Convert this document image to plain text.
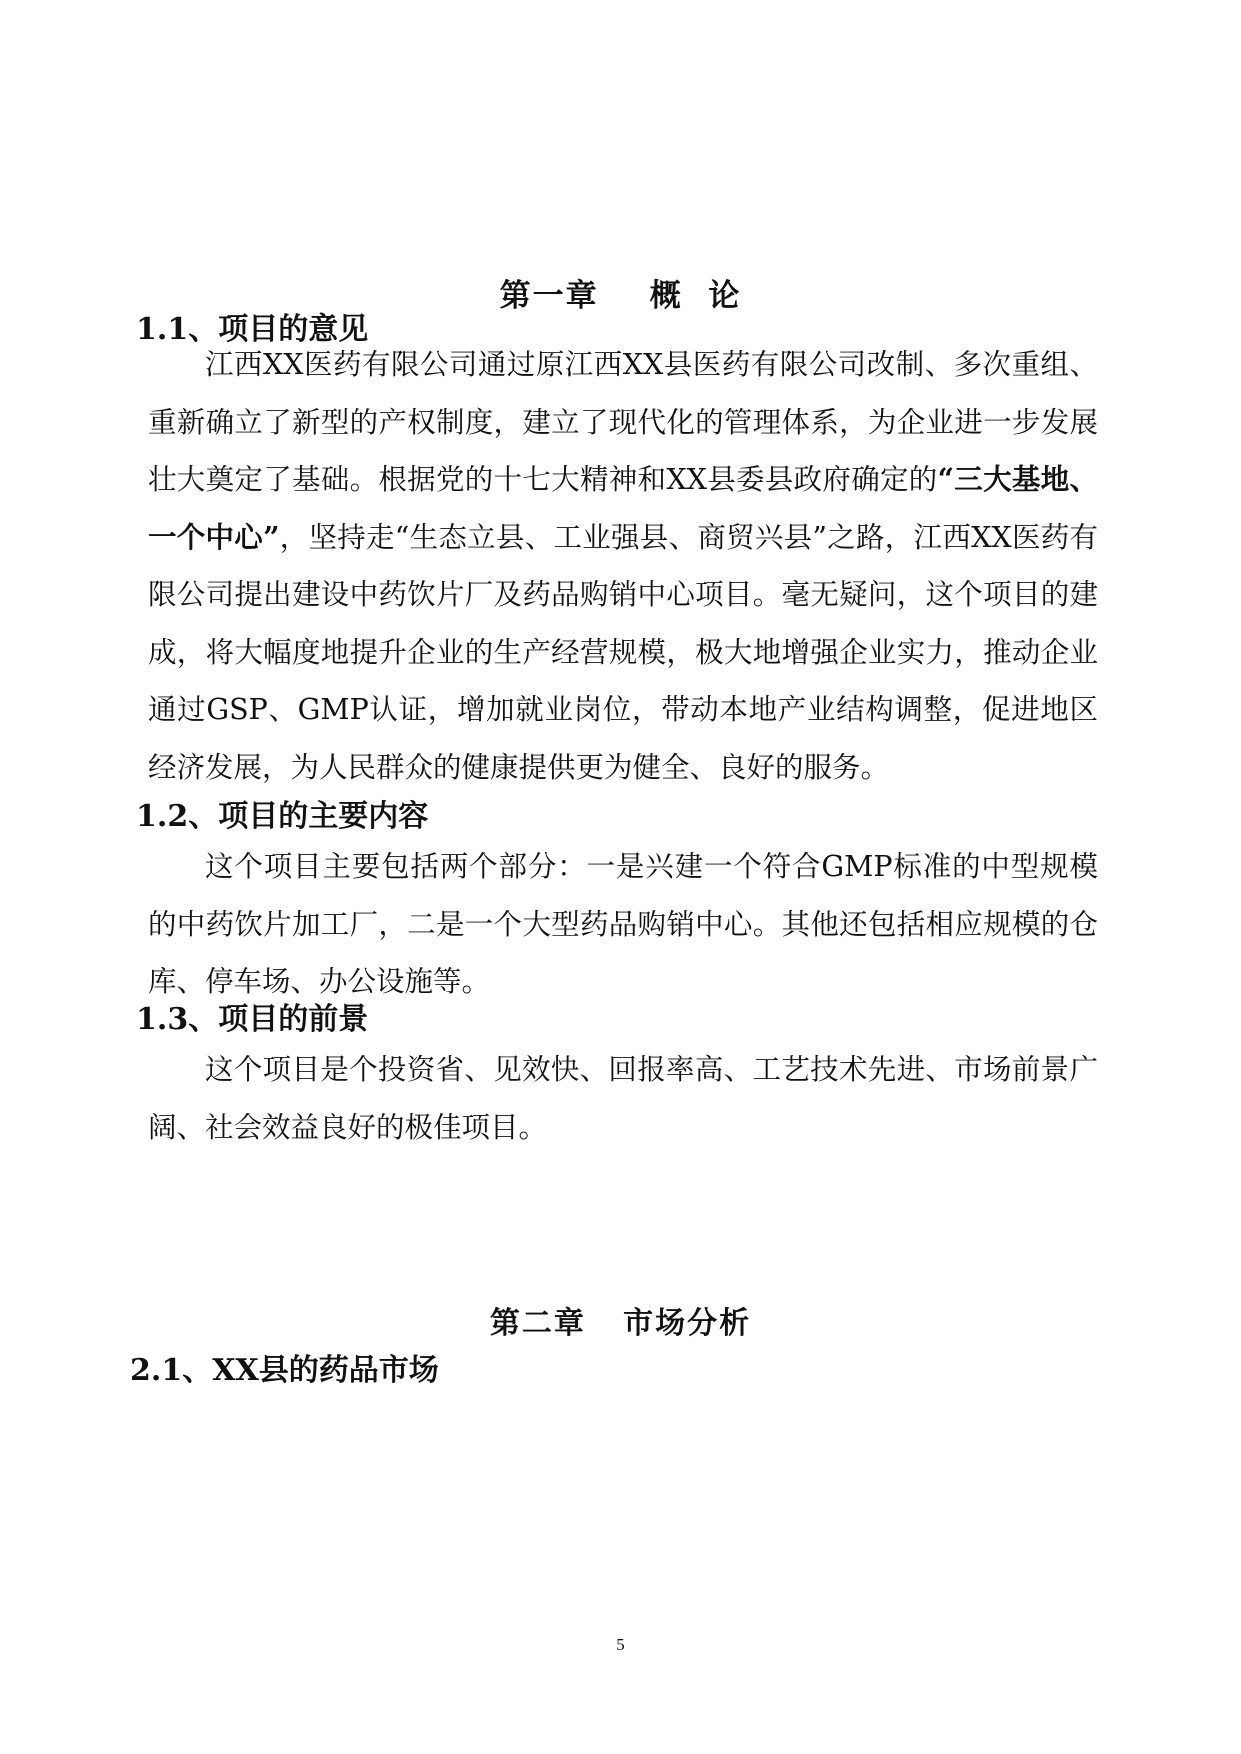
第一章    概  论
1.1、项目的意见
江西XX医药有限公司通过原江西XX县医药有限公司改制、多次重组、重新确立了新型的产权制度，建立了现代化的管理体系，为企业进一步发展壮大奠定了基础。根据党的十七大精神和XX县委县政府确定的“三大基地、一个中心”，坚持走“生态立县、工业强县、商贸兴县”之路，江西XX医药有限公司提出建设中药饮片厂及药品购销中心项目。毫无疑问，这个项目的建成，将大幅度地提升企业的生产经营规模，极大地增强企业实力，推动企业通过GSP、GMP认证，增加就业岗位，带动本地产业结构调整，促进地区经济发展，为人民群众的健康提供更为健全、良好的服务。
1.2、项目的主要内容
这个项目主要包括两个部分：一是兴建一个符合GMP标准的中型规模的中药饮片加工厂，二是一个大型药品购销中心。其他还包括相应规模的仓库、停车场、办公设施等。
1.3、项目的前景
这个项目是个投资省、见效快、回报率高、工艺技术先进、市场前景广阔、社会效益良好的极佳项目。
第二章   市场分析
2.1、XX县的药品市场
5
